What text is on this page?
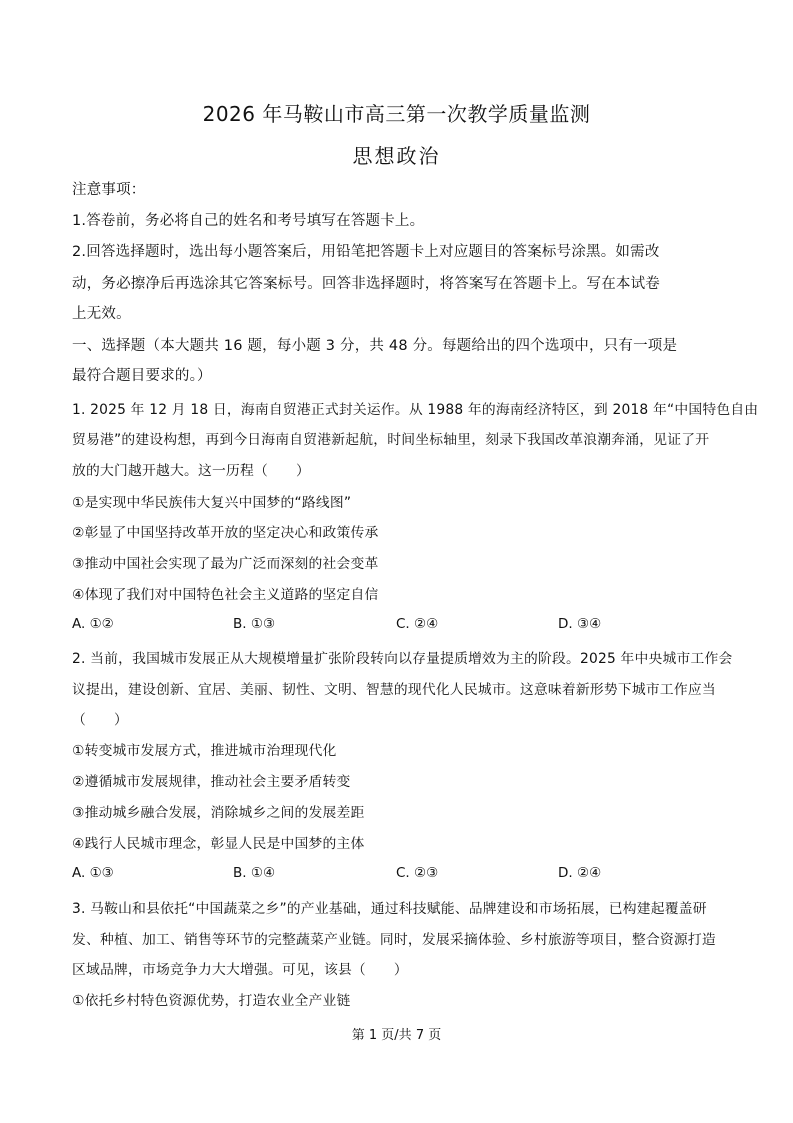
2026 年马鞍山市高三第一次教学质量监测
思想政治
注意事项：
1.答卷前，务必将自己的姓名和考号填写在答题卡上。
2.回答选择题时，选出每小题答案后，用铅笔把答题卡上对应题目的答案标号涂黑。如需改
动，务必擦净后再选涂其它答案标号。回答非选择题时，将答案写在答题卡上。写在本试卷
上无效。
一、选择题（本大题共 16 题，每小题 3 分，共 48 分。每题给出的四个选项中，只有一项是
最符合题目要求的。）
1. 2025 年 12 月 18 日，海南自贸港正式封关运作。从 1988 年的海南经济特区，到 2018 年“中国特色自由
贸易港”的建设构想，再到今日海南自贸港新起航，时间坐标轴里，刻录下我国改革浪潮奔涌，见证了开
放的大门越开越大。这一历程（　　）
①是实现中华民族伟大复兴中国梦的“路线图”
②彰显了中国坚持改革开放的坚定决心和政策传承
③推动中国社会实现了最为广泛而深刻的社会变革
④体现了我们对中国特色社会主义道路的坚定自信
A. ①②	B. ①③	C. ②④	D. ③④
2. 当前，我国城市发展正从大规模增量扩张阶段转向以存量提质增效为主的阶段。2025 年中央城市工作会
议提出，建设创新、宜居、美丽、韧性、文明、智慧的现代化人民城市。这意味着新形势下城市工作应当
（　　）
①转变城市发展方式，推进城市治理现代化
②遵循城市发展规律，推动社会主要矛盾转变
③推动城乡融合发展，消除城乡之间的发展差距
④践行人民城市理念，彰显人民是中国梦的主体
A. ①③	B. ①④	C. ②③	D. ②④
3. 马鞍山和县依托“中国蔬菜之乡”的产业基础，通过科技赋能、品牌建设和市场拓展，已构建起覆盖研
发、种植、加工、销售等环节的完整蔬菜产业链。同时，发展采摘体验、乡村旅游等项目，整合资源打造
区域品牌，市场竞争力大大增强。可见，该县（　　）
①依托乡村特色资源优势，打造农业全产业链
第 1 页/共 7 页
